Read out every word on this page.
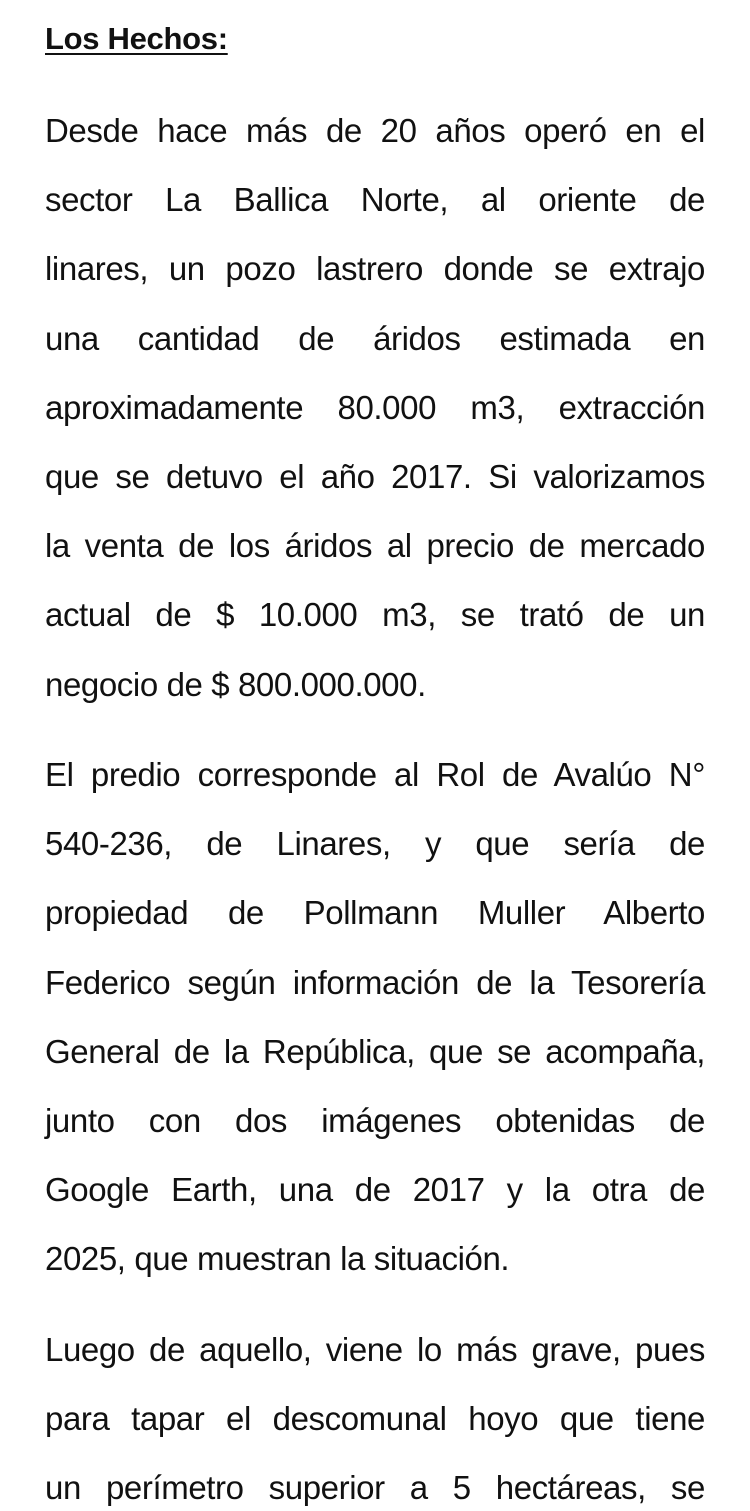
Los Hechos:

Desde hace más de 20 años operó en el
sector La Ballica Norte, al oriente de
linares, un pozo lastrero donde se extrajo
una cantidad de áridos estimada en
aproximadamente 80.000 m3, extracción
que se detuvo el año 2017. Si valorizamos
la venta de los áridos al precio de mercado
actual de $ 10.000 m3, se trató de un
negocio de $ 800.000.000.

El predio corresponde al Rol de Avalúo N°
540-236, de Linares, y que sería de
propiedad de Pollmann Muller Alberto
Federico según información de la Tesorería
General de la República, que se acompaña,
junto con dos imágenes obtenidas de
Google Earth, una de 2017 y la otra de
2025, que muestran la situación.

Luego de aquello, viene lo más grave, pues
para tapar el descomunal hoyo que tiene
un perímetro superior a 5 hectáreas, se
